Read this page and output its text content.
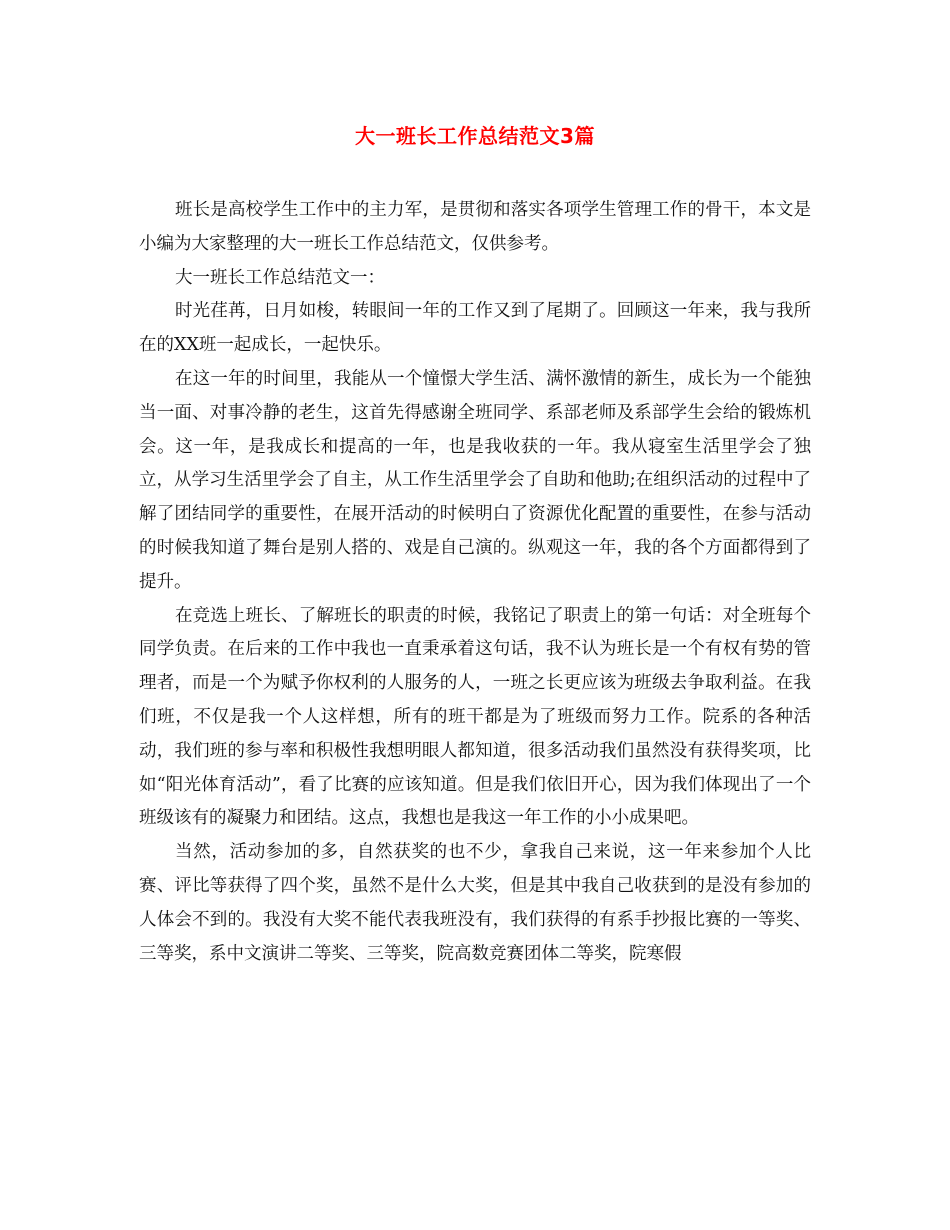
大一班长工作总结范文3篇

班长是高校学生工作中的主力军，是贯彻和落实各项学生管理工作的骨干，本文是小编为大家整理的大一班长工作总结范文，仅供参考。

大一班长工作总结范文一：

时光荏苒，日月如梭，转眼间一年的工作又到了尾期了。回顾这一年来，我与我所在的XX班一起成长，一起快乐。

在这一年的时间里，我能从一个憧憬大学生活、满怀激情的新生，成长为一个能独当一面、对事冷静的老生，这首先得感谢全班同学、系部老师及系部学生会给的锻炼机会。这一年，是我成长和提高的一年，也是我收获的一年。我从寝室生活里学会了独立，从学习生活里学会了自主，从工作生活里学会了自助和他助;在组织活动的过程中了解了团结同学的重要性，在展开活动的时候明白了资源优化配置的重要性，在参与活动的时候我知道了舞台是别人搭的、戏是自己演的。纵观这一年，我的各个方面都得到了提升。

在竞选上班长、了解班长的职责的时候，我铭记了职责上的第一句话：对全班每个同学负责。在后来的工作中我也一直秉承着这句话，我不认为班长是一个有权有势的管理者，而是一个为赋予你权利的人服务的人，一班之长更应该为班级去争取利益。在我们班，不仅是我一个人这样想，所有的班干都是为了班级而努力工作。院系的各种活动，我们班的参与率和积极性我想明眼人都知道，很多活动我们虽然没有获得奖项，比如“阳光体育活动”，看了比赛的应该知道。但是我们依旧开心，因为我们体现出了一个班级该有的凝聚力和团结。这点，我想也是我这一年工作的小小成果吧。

当然，活动参加的多，自然获奖的也不少，拿我自己来说，这一年来参加个人比赛、评比等获得了四个奖，虽然不是什么大奖，但是其中我自己收获到的是没有参加的人体会不到的。我没有大奖不能代表我班没有，我们获得的有系手抄报比赛的一等奖、三等奖，系中文演讲二等奖、三等奖，院高数竞赛团体二等奖，院寒假
